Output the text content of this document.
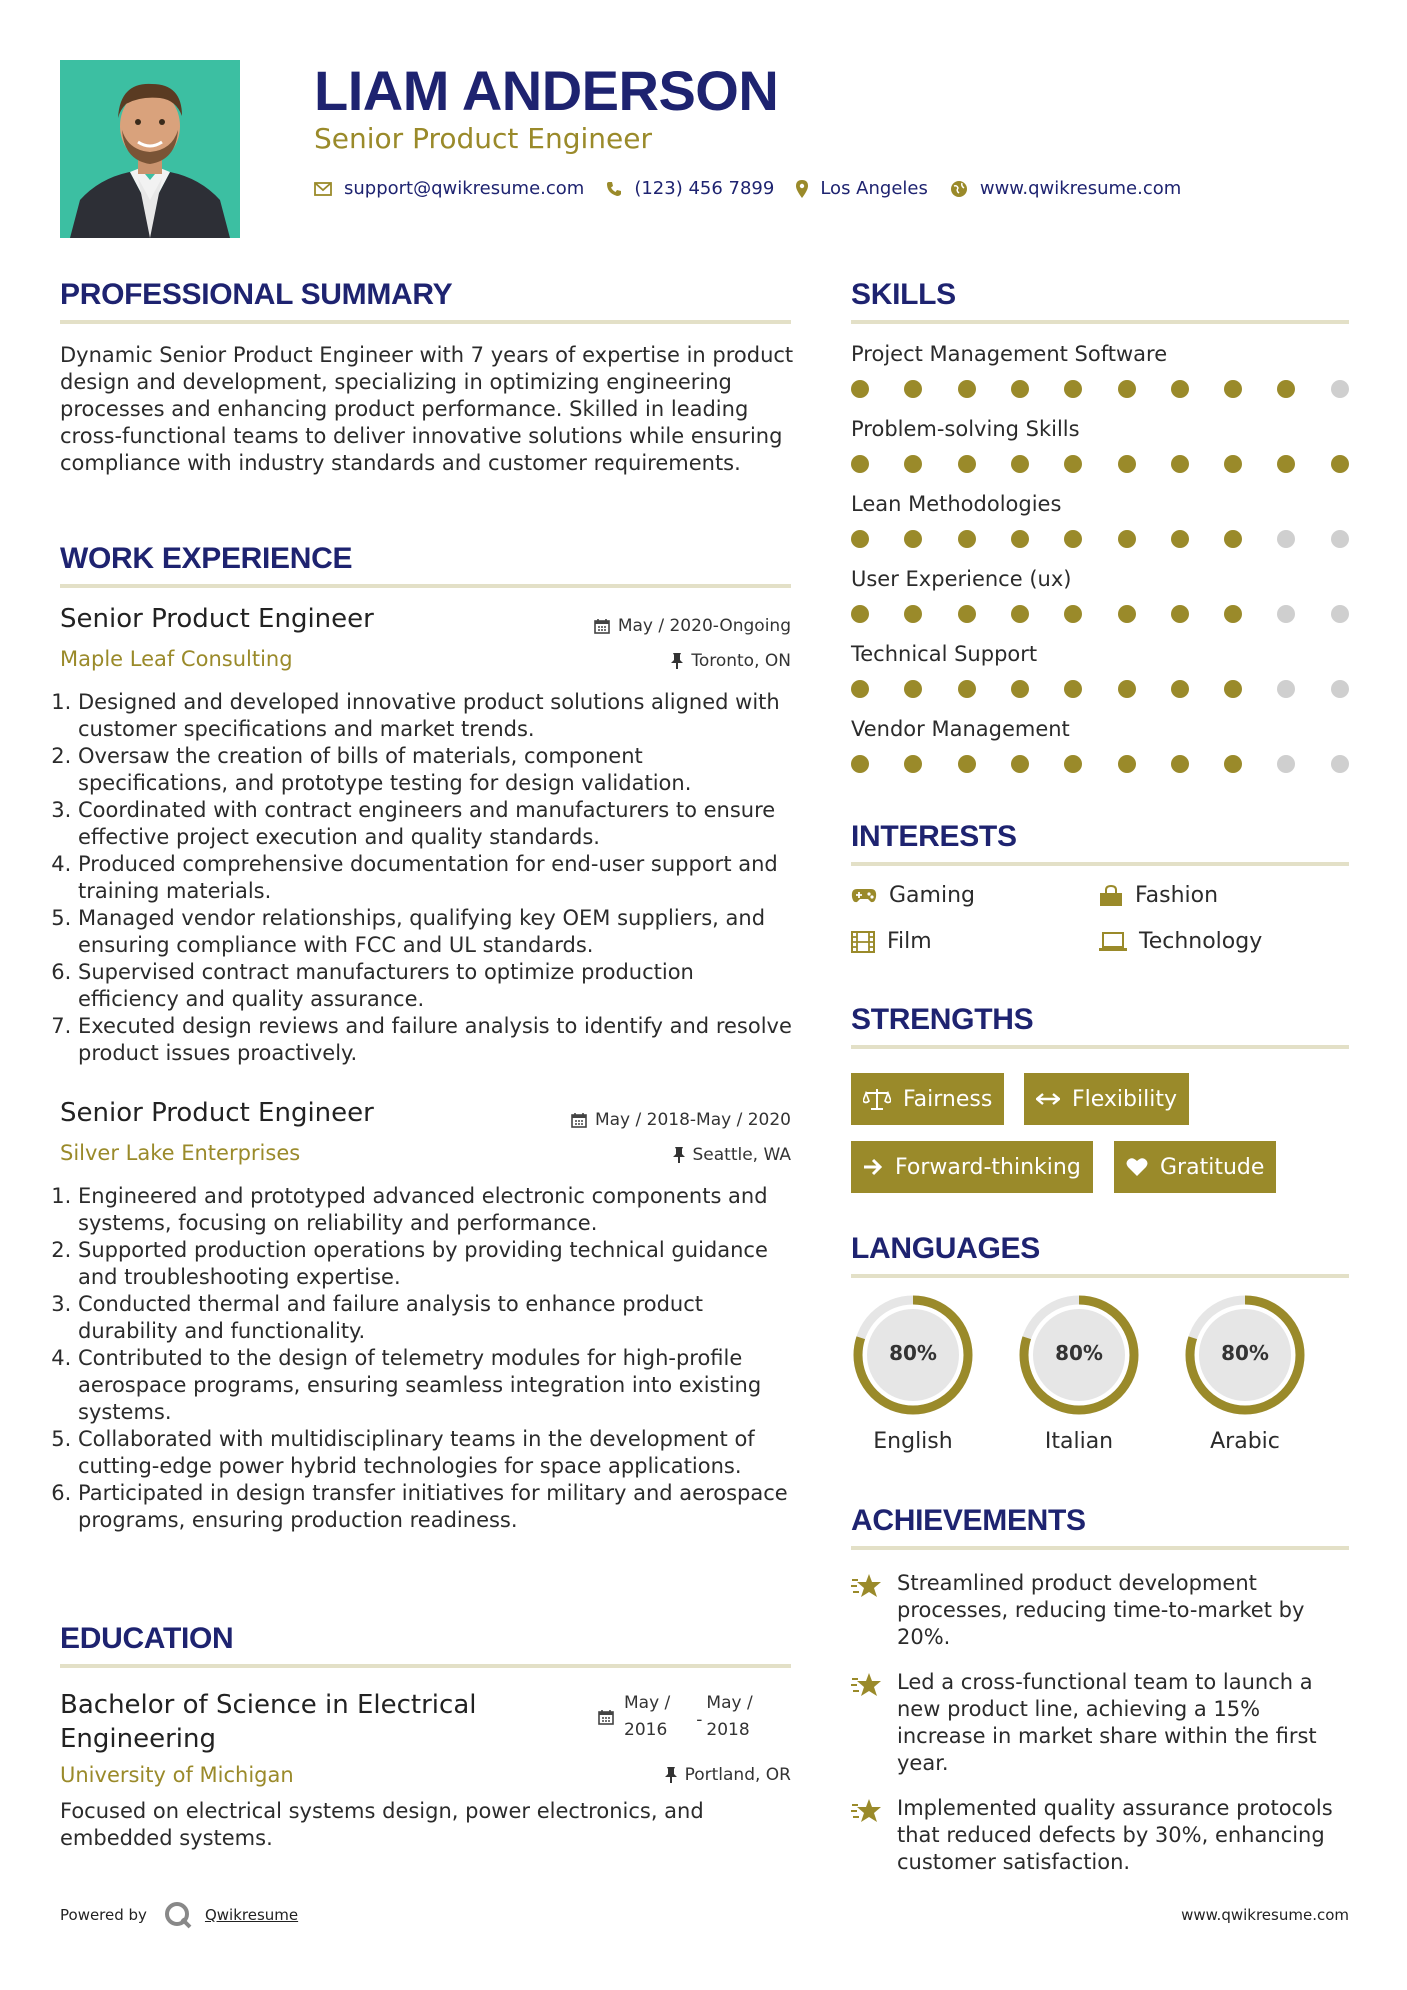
LIAM ANDERSON
Senior Product Engineer
support@qwikresume.com	(123) 456 7899	Los Angeles	www.qwikresume.com
PROFESSIONAL SUMMARY
Dynamic Senior Product Engineer with 7 years of expertise in product design and development, specializing in optimizing engineering processes and enhancing product performance. Skilled in leading cross-functional teams to deliver innovative solutions while ensuring compliance with industry standards and customer requirements.
WORK EXPERIENCE
Senior Product Engineer	May / 2020-Ongoing
Maple Leaf Consulting	Toronto, ON
1. Designed and developed innovative product solutions aligned with customer specifications and market trends.
2. Oversaw the creation of bills of materials, component specifications, and prototype testing for design validation.
3. Coordinated with contract engineers and manufacturers to ensure effective project execution and quality standards.
4. Produced comprehensive documentation for end-user support and training materials.
5. Managed vendor relationships, qualifying key OEM suppliers, and ensuring compliance with FCC and UL standards.
6. Supervised contract manufacturers to optimize production efficiency and quality assurance.
7. Executed design reviews and failure analysis to identify and resolve product issues proactively.
Senior Product Engineer	May / 2018-May / 2020
Silver Lake Enterprises	Seattle, WA
1. Engineered and prototyped advanced electronic components and systems, focusing on reliability and performance.
2. Supported production operations by providing technical guidance and troubleshooting expertise.
3. Conducted thermal and failure analysis to enhance product durability and functionality.
4. Contributed to the design of telemetry modules for high-profile aerospace programs, ensuring seamless integration into existing systems.
5. Collaborated with multidisciplinary teams in the development of cutting-edge power hybrid technologies for space applications.
6. Participated in design transfer initiatives for military and aerospace programs, ensuring production readiness.
EDUCATION
Bachelor of Science in Electrical
Engineering
May /
2016 -
May /
2018
University of Michigan	Portland, OR
Focused on electrical systems design, power electronics, and embedded systems.
SKILLS
Project Management Software
Problem-solving Skills
Lean Methodologies
User Experience (ux)
Technical Support
Vendor Management
INTERESTS
Gaming	Fashion
Film	Technology
STRENGTHS
Fairness	Flexibility
Forward-thinking	Gratitude
LANGUAGES
80%
English
80%
Italian
80%
Arabic
ACHIEVEMENTS
Streamlined product development processes, reducing time-to-market by 20%.
Led a cross-functional team to launch a new product line, achieving a 15% increase in market share within the first year.
Implemented quality assurance protocols that reduced defects by 30%, enhancing customer satisfaction.
Powered by	Qwikresume	www.qwikresume.com
